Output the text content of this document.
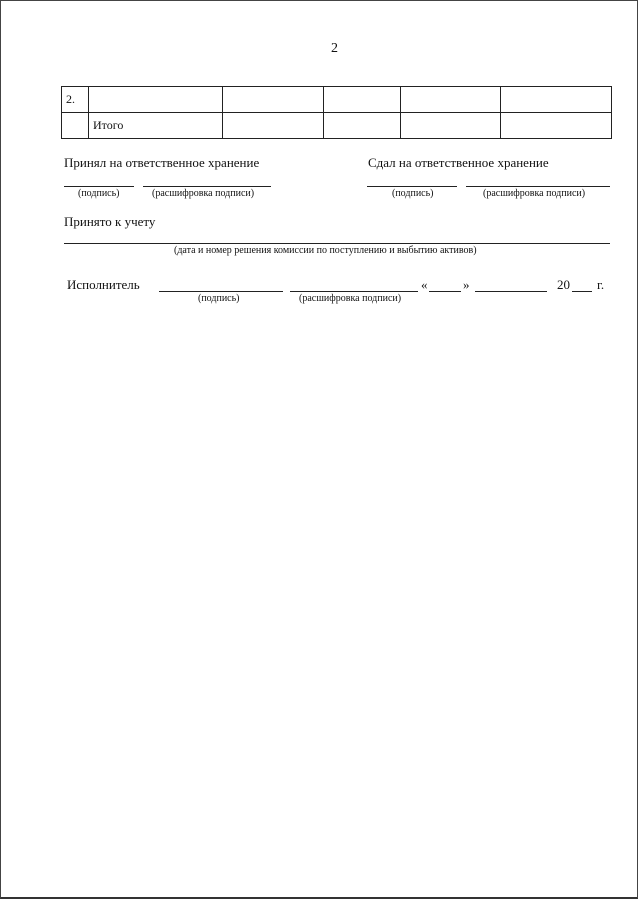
2
2.					
	Итого				
Принял на ответственное хранение
(подпись)	(расшифровка подписи)
Сдал на ответственное хранение
(подпись)	(расшифровка подписи)
Принято к учету
(дата и номер решения комиссии по поступлению и выбытию активов)
Исполнитель
(подпись)	(расшифровка подписи)
«	»	20 г.
